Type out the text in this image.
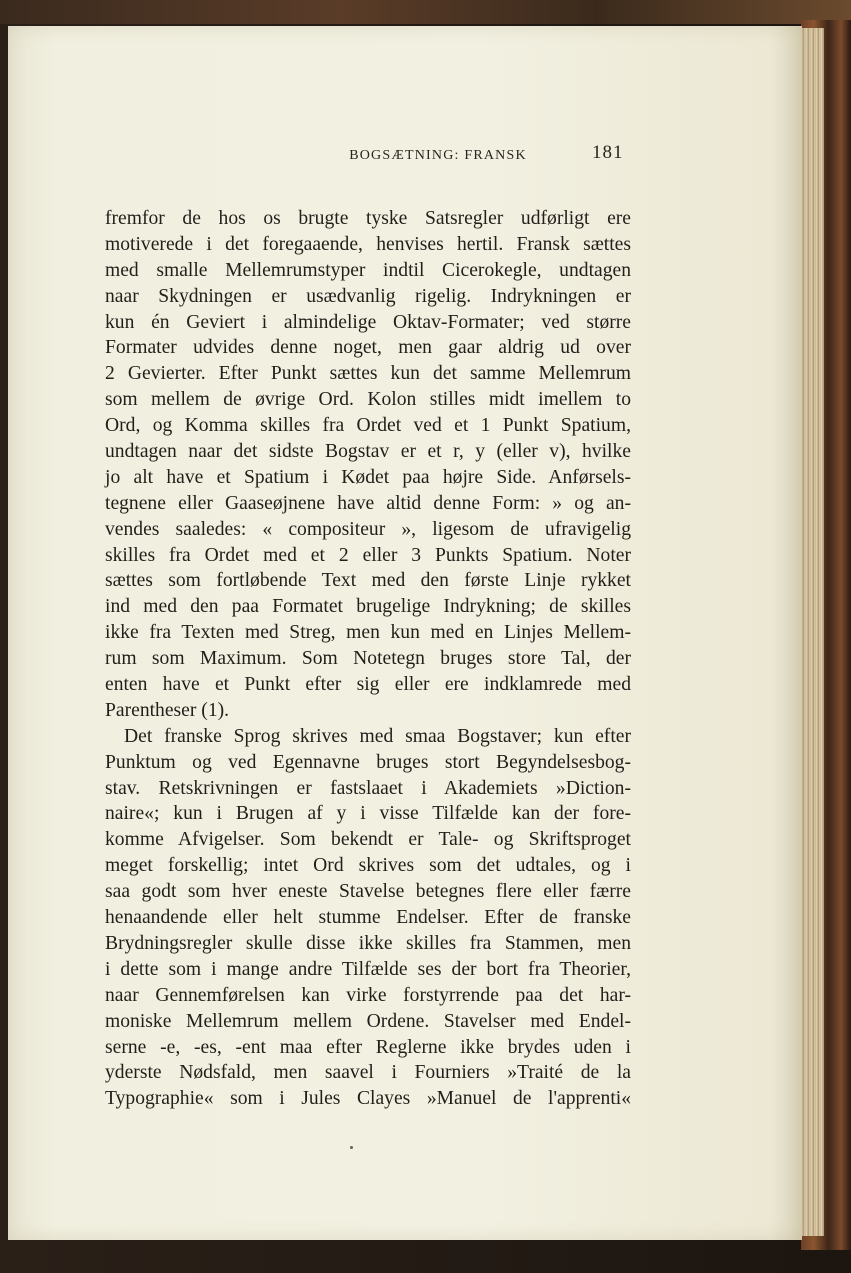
BOGSÆTNING: FRANSK	181
fremfor de hos os brugte tyske Satsregler udførligt ere
motiverede i det foregaaende, henvises hertil. Fransk sættes
med smalle Mellemrumstyper indtil Cicerokegle, undtagen
naar Skydningen er usædvanlig rigelig. Indrykningen er
kun én Geviert i almindelige Oktav-Formater; ved større
Formater udvides denne noget, men gaar aldrig ud over
2 Gevierter. Efter Punkt sættes kun det samme Mellemrum
som mellem de øvrige Ord. Kolon stilles midt imellem to
Ord, og Komma skilles fra Ordet ved et 1 Punkt Spatium,
undtagen naar det sidste Bogstav er et r, y (eller v), hvilke
jo alt have et Spatium i Kødet paa højre Side. Anførsels-
tegnene eller Gaaseøjnene have altid denne Form: » og an-
vendes saaledes: « compositeur », ligesom de ufravigelig
skilles fra Ordet med et 2 eller 3 Punkts Spatium. Noter
sættes som fortløbende Text med den første Linje rykket
ind med den paa Formatet brugelige Indrykning; de skilles
ikke fra Texten med Streg, men kun med en Linjes Mellem-
rum som Maximum. Som Notetegn bruges store Tal, der
enten have et Punkt efter sig eller ere indklamrede med
Parentheser (1).
Det franske Sprog skrives med smaa Bogstaver; kun efter
Punktum og ved Egennavne bruges stort Begyndelsesbog-
stav. Retskrivningen er fastslaaet i Akademiets »Diction-
naire«; kun i Brugen af y i visse Tilfælde kan der fore-
komme Afvigelser. Som bekendt er Tale- og Skriftsproget
meget forskellig; intet Ord skrives som det udtales, og i
saa godt som hver eneste Stavelse betegnes flere eller færre
henaandende eller helt stumme Endelser. Efter de franske
Brydningsregler skulle disse ikke skilles fra Stammen, men
i dette som i mange andre Tilfælde ses der bort fra Theorier,
naar Gennemførelsen kan virke forstyrrende paa det har-
moniske Mellemrum mellem Ordene. Stavelser med Endel-
serne -e, -es, -ent maa efter Reglerne ikke brydes uden i
yderste Nødsfald, men saavel i Fourniers »Traité de la
Typographie« som i Jules Clayes »Manuel de l'apprenti«
